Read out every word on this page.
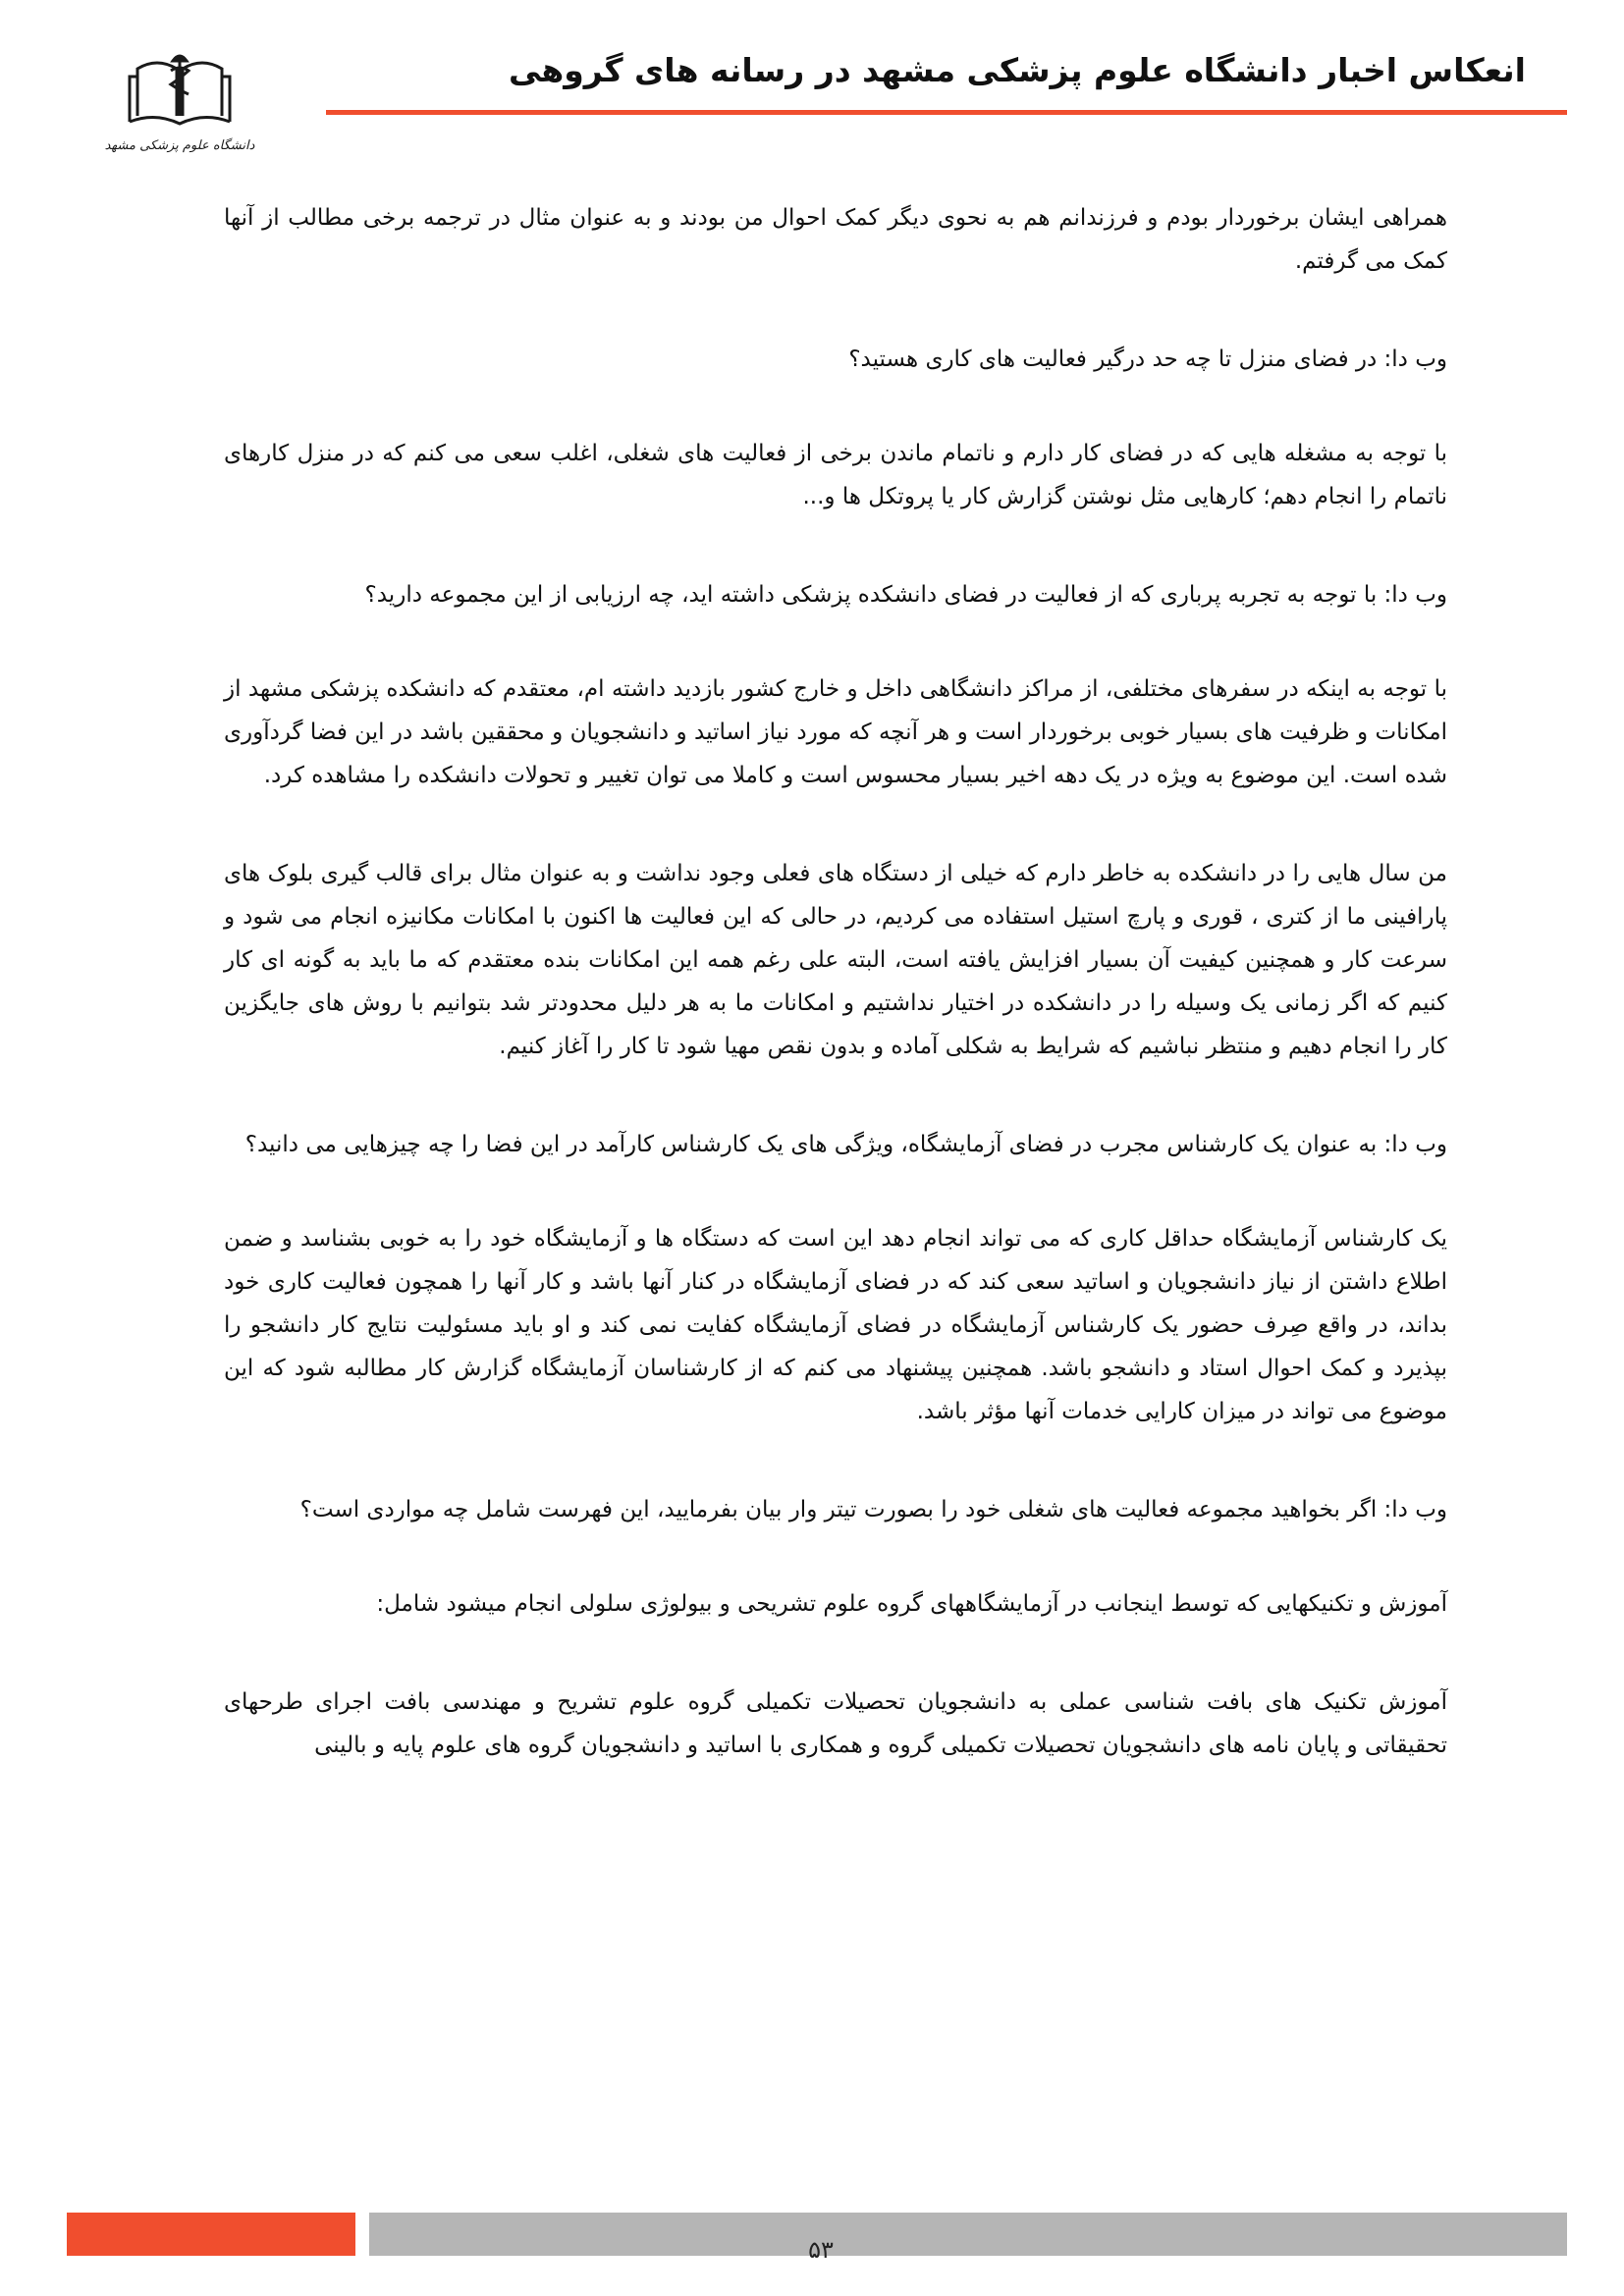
انعکاس اخبار دانشگاه علوم پزشکی مشهد در رسانه های گروهی
دانشگاه علوم پزشکی مشهد

همراهی ایشان برخوردار بودم و فرزندانم هم به نحوی دیگر کمک احوال من بودند و به عنوان مثال در ترجمه برخی مطالب از آنها کمک می گرفتم.

وب دا: در فضای منزل تا چه حد درگیر فعالیت های کاری هستید؟

با توجه به مشغله هایی که در فضای کار دارم و ناتمام ماندن برخی از فعالیت های شغلی، اغلب سعی می کنم که در منزل کارهای ناتمام را انجام دهم؛ کارهایی مثل نوشتن گزارش کار یا پروتکل ها و...

وب دا: با توجه به تجربه پرباری که از فعالیت در فضای دانشکده پزشکی داشته اید، چه ارزیابی از این مجموعه دارید؟

با توجه به اینکه در سفرهای مختلفی، از مراکز دانشگاهی داخل و خارج کشور بازدید داشته ام، معتقدم که دانشکده پزشکی مشهد از امکانات و ظرفیت های بسیار خوبی برخوردار است و هر آنچه که مورد نیاز اساتید و دانشجویان و محققین باشد در این فضا گردآوری شده است. این موضوع به ویژه در یک دهه اخیر بسیار محسوس است و کاملا می توان تغییر و تحولات دانشکده را مشاهده کرد.

من سال هایی را در دانشکده به خاطر دارم که خیلی از دستگاه های فعلی وجود نداشت و به عنوان مثال برای قالب گیری بلوک های پارافینی ما از کتری ، قوری و پارچ استیل استفاده می کردیم، در حالی که این فعالیت ها اکنون با امکانات مکانیزه انجام می شود و سرعت کار و همچنین کیفیت آن بسیار افزایش یافته است، البته علی رغم همه این امکانات بنده معتقدم که ما باید به گونه ای کار کنیم که اگر زمانی یک وسیله را در دانشکده در اختیار نداشتیم و امکانات ما به هر دلیل محدودتر شد بتوانیم با روش های جایگزین کار را انجام دهیم و منتظر نباشیم که شرایط به شکلی آماده و بدون نقص مهیا شود تا کار را آغاز کنیم.

وب دا: به عنوان یک کارشناس مجرب در فضای آزمایشگاه، ویژگی های یک کارشناس کارآمد در این فضا را چه چیزهایی می دانید؟

یک کارشناس آزمایشگاه حداقل کاری که می تواند انجام دهد این است که دستگاه ها و آزمایشگاه خود را به خوبی بشناسد و ضمن اطلاع داشتن از نیاز دانشجویان و اساتید سعی کند که در فضای آزمایشگاه در کنار آنها باشد و کار آنها را همچون فعالیت کاری خود بداند، در واقع صِرف حضور یک کارشناس آزمایشگاه در فضای آزمایشگاه کفایت نمی کند و او باید مسئولیت نتایج کار دانشجو را بپذیرد و کمک احوال استاد و دانشجو باشد. همچنین پیشنهاد می کنم که از کارشناسان آزمایشگاه گزارش کار مطالبه شود که این موضوع می تواند در میزان کارایی خدمات آنها مؤثر باشد.

وب دا: اگر بخواهید مجموعه فعالیت های شغلی خود را بصورت تیتر وار بیان بفرمایید، این فهرست شامل چه مواردی است؟

آموزش و تکنیکهایی که توسط اینجانب در آزمایشگاههای گروه علوم تشریحی و بیولوژی سلولی انجام میشود شامل:

آموزش تکنیک های بافت شناسی عملی به دانشجویان تحصیلات تکمیلی گروه علوم تشریح و مهندسی بافت اجرای طرحهای تحقیقاتی و پایان نامه های دانشجویان تحصیلات تکمیلی گروه و همکاری با اساتید و دانشجویان گروه های علوم پایه و بالینی

۵۳
